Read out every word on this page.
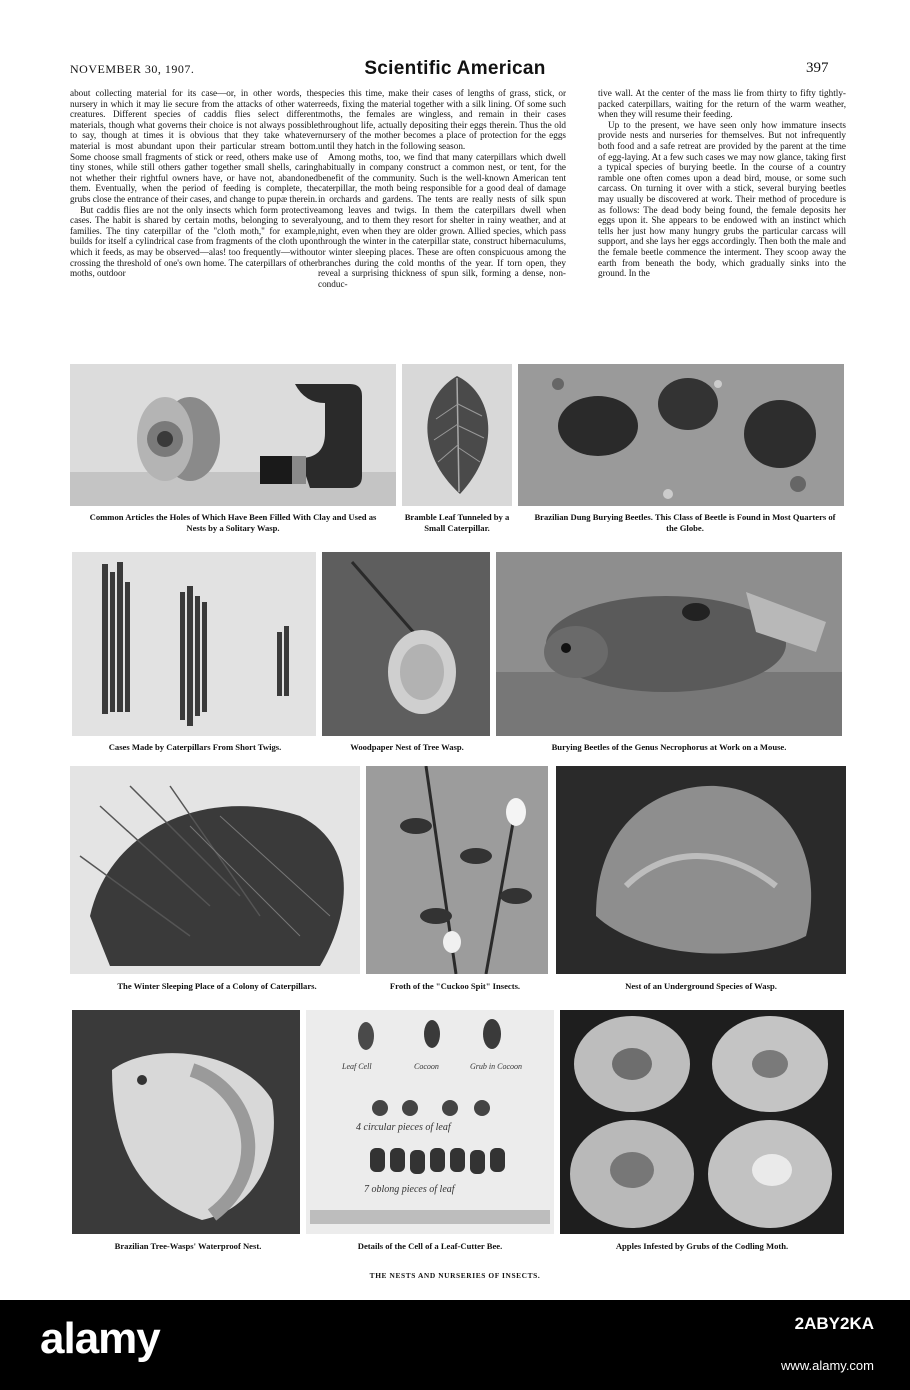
NOVEMBER 30, 1907.	Scientific American	397

about collecting material for its case—or, in other words, the nursery in which it may lie secure from the attacks of other water creatures. Different species of caddis flies select different materials, though what governs their choice is not always possible to say, though at times it is obvious that they take whatever material is most abundant upon their particular stream bottom. Some choose small fragments of stick or reed, others make use of tiny stones, while still others gather together small shells, caring not whether their rightful owners have, or have not, abandoned them. Eventually, when the period of feeding is complete, the grubs close the entrance of their cases, and change to pupæ therein.

But caddis flies are not the only insects which form protective cases. The habit is shared by certain moths, belonging to several families. The tiny caterpillar of the "cloth moth," for example, builds for itself a cylindrical case from fragments of the cloth upon which it feeds, as may be observed—alas! too frequently—without crossing the threshold of one's own home. The caterpillars of other moths, outdoor

species this time, make their cases of lengths of grass, stick, or reeds, fixing the material together with a silk lining. Of some such moths, the females are wingless, and remain in their cases throughout life, actually depositing their eggs therein. Thus the old nursery of the mother becomes a place of protection for the eggs until they hatch in the following season.

Among moths, too, we find that many caterpillars which dwell habitually in company construct a common nest, or tent, for the benefit of the community. Such is the well-known American tent caterpillar, the moth being responsible for a good deal of damage in orchards and gardens. The tents are really nests of silk spun among leaves and twigs. In them the caterpillars dwell when young, and to them they resort for shelter in rainy weather, and at night, even when they are older grown. Allied species, which pass through the winter in the caterpillar state, construct hibernaculums, or winter sleeping places. These are often conspicuous among the branches during the cold months of the year. If torn open, they reveal a surprising thickness of spun silk, forming a dense, non-conduc-

tive wall. At the center of the mass lie from thirty to fifty tightly-packed caterpillars, waiting for the return of the warm weather, when they will resume their feeding.

Up to the present, we have seen only how immature insects provide nests and nurseries for themselves. But not infrequently both food and a safe retreat are provided by the parent at the time of egg-laying. At a few such cases we may now glance, taking first a typical species of burying beetle. In the course of a country ramble one often comes upon a dead bird, mouse, or some such carcass. On turning it over with a stick, several burying beetles may usually be discovered at work. Their method of procedure is as follows: The dead body being found, the female deposits her eggs upon it. She appears to be endowed with an instinct which tells her just how many hungry grubs the particular carcass will support, and she lays her eggs accordingly. Then both the male and the female beetle commence the interment. They scoop away the earth from beneath the body, which gradually sinks into the ground. In the

Common Articles the Holes of Which Have Been Filled With Clay and Used as Nests by a Solitary Wasp.
Bramble Leaf Tunneled by a Small Caterpillar.
Brazilian Dung Burying Beetles. This Class of Beetle is Found in Most Quarters of the Globe.
Cases Made by Caterpillars From Short Twigs.	Woodpaper Nest of Tree Wasp.	Burying Beetles of the Genus Necrophorus at Work on a Mouse.
The Winter Sleeping Place of a Colony of Caterpillars.	Froth of the "Cuckoo Spit" Insects.	Nest of an Underground Species of Wasp.
Leaf Cell	Cocoon	Grub in Cocoon
4 circular pieces of leaf
7 oblong pieces of leaf
Brazilian Tree-Wasps' Waterproof Nest.	Details of the Cell of a Leaf-Cutter Bee.	Apples Infested by Grubs of the Codling Moth.
THE NESTS AND NURSERIES OF INSECTS.
alamy	2ABY2KA
www.alamy.com
